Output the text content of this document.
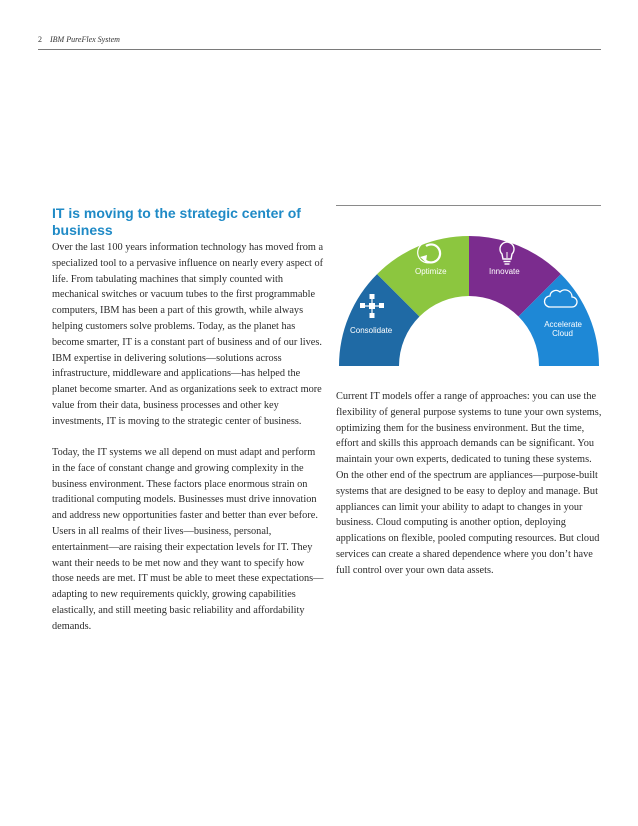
2 IBM PureFlex System
IT is moving to the strategic center of business

Over the last 100 years information technology has moved from a specialized tool to a pervasive influence on nearly every aspect of life. From tabulating machines that simply counted with mechanical switches or vacuum tubes to the first programmable computers, IBM has been a part of this growth, while always helping customers solve problems. Today, as the planet has become smarter, IT is a constant part of business and of our lives. IBM expertise in delivering solutions—solutions across infrastructure, middleware and applications—has helped the planet become smarter. And as organizations seek to extract more value from their data, business processes and other key investments, IT is moving to the strategic center of business.

Today, the IT systems we all depend on must adapt and perform in the face of constant change and growing complexity in the business environment. These factors place enormous strain on traditional computing models. Businesses must drive innovation and address new opportunities faster and better than ever before. Users in all realms of their lives—business, personal, entertainment—are raising their expectation levels for IT. They want their needs to be met now and they want to specify how those needs are met. IT must be able to meet these expectations—adapting to new requirements quickly, growing capabilities elastically, and still meeting basic reliability and affordability demands.

Consolidate
Optimize	Innovate
Accelerate
Cloud

Current IT models offer a range of approaches: you can use the flexibility of general purpose systems to tune your own systems, optimizing them for the business environment. But the time, effort and skills this approach demands can be significant. You maintain your own experts, dedicated to tuning these systems. On the other end of the spectrum are appliances—purpose-built systems that are designed to be easy to deploy and manage. But appliances can limit your ability to adapt to changes in your business. Cloud computing is another option, deploying applications on flexible, pooled computing resources. But cloud services can create a shared dependence where you don’t have full control over your own data assets.
